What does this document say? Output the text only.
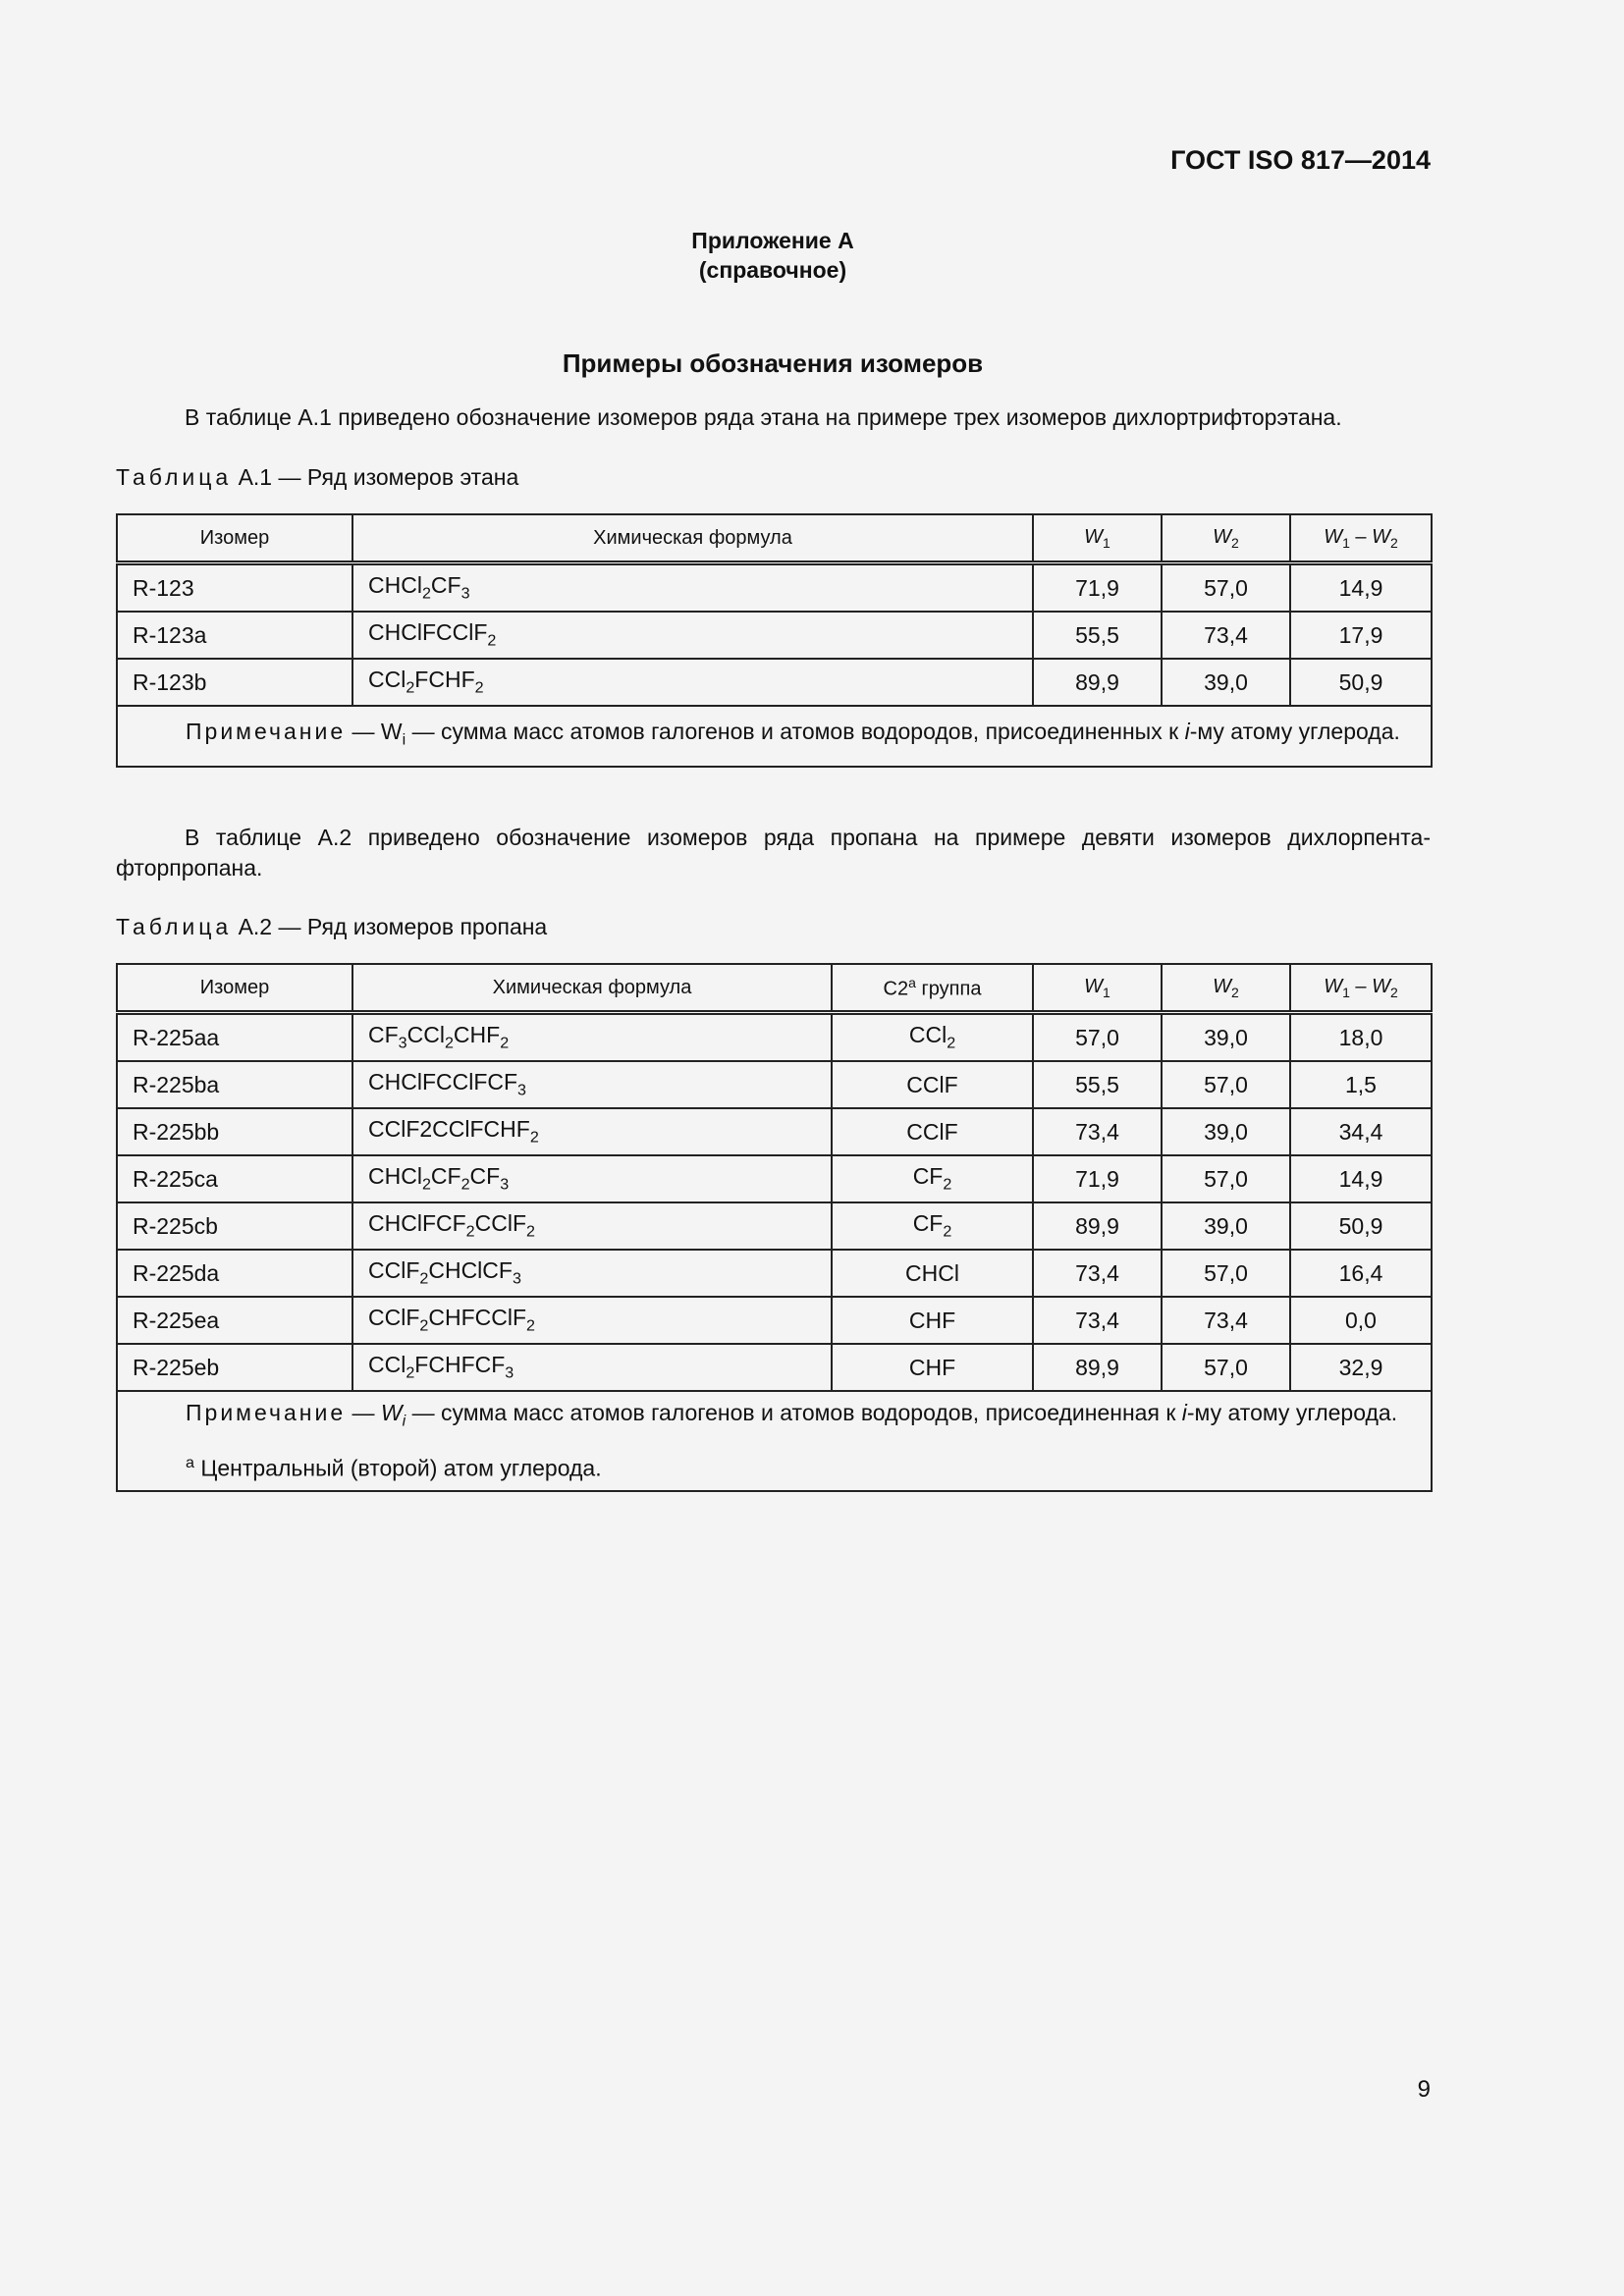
ГОСТ ISO 817—2014
Приложение А
(справочное)
Примеры обозначения изомеров
В таблице А.1 приведено обозначение изомеров ряда этана на примере трех изомеров дихлортрифторэтана.
Таблица А.1 — Ряд изомеров этана
Изомер	Химическая формула	$W_1$	$W_2$	$W_1 - W_2$
R-123	$CHCl_2CF_3$	71,9	57,0	14,9
R-123a	CHClFCClF$_2$	55,5	73,4	17,9
R-123b	$CCl_2FCHF_2$	89,9	39,0	50,9
Примечание — $W_i$ — сумма масс атомов галогенов и атомов водородов, присоединенных к i-му атому углерода.				
В таблице А.2 приведено обозначение изомеров ряда пропана на примере девяти изомеров дихлорпента-фторпропана.
Таблица А.2 — Ряд изомеров пропана
Изомер	Химическая формула	C2$^a$ группа	$W_1$	$W_2$	$W_1 - W_2$
R-225aa	$CF_3CCl_2CHF_2$	CCl$_2$	57,0	39,0	18,0
R-225ba	CHClFCClFCF$_3$	CClF	55,5	57,0	1,5
R-225bb	CClF2CClFCHF$_2$	CClF	73,4	39,0	34,4
R-225ca	$CHCl_2CF_2CF_3$	$CF_2$	71,9	57,0	14,9
R-225cb	CHClFCF$_2$CClF$_2$	$CF_2$	89,9	39,0	50,9
R-225da	CClF$_2$CHClCF$_3$	CHCl	73,4	57,0	16,4
R-225ea	CClF$_2$CHFCClF$_2$	CHF	73,4	73,4	0,0
R-225eb	$CCl_2FCHFCF_3$	CHF	89,9	57,0	32,9
Примечание — $W_i$ — сумма масс атомов галогенов и атомов водородов, присоединенная к i-му атому углерода.
$^a$ Центральный (второй) атом углерода.					
9
